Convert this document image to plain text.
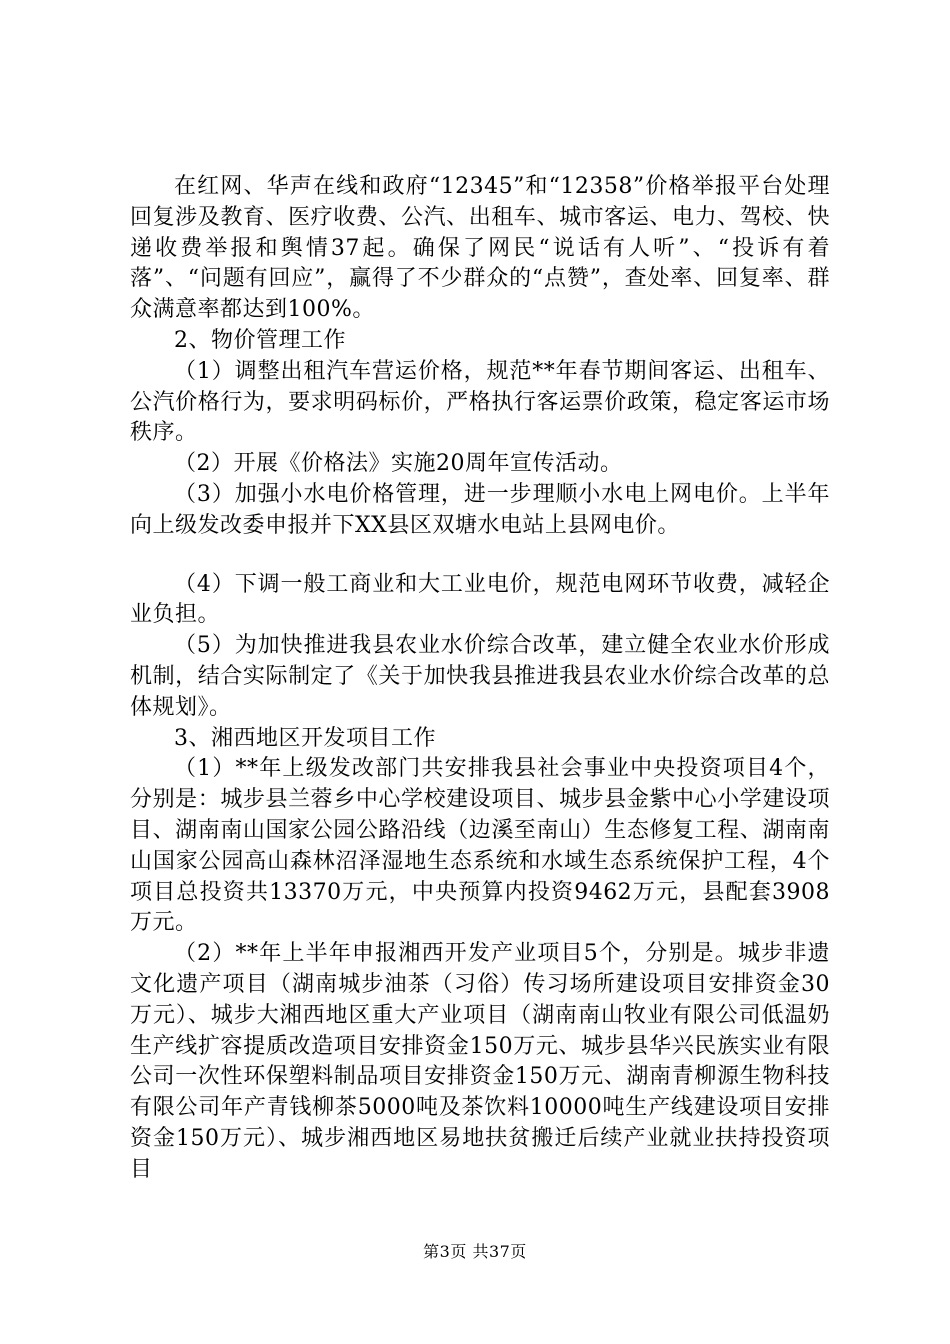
在红网、华声在线和政府“12345”和“12358”价格举报平台处理回复涉及教育、医疗收费、公汽、出租车、城市客运、电力、驾校、快递收费举报和舆情37起。确保了网民“说话有人听”、“投诉有着落”、“问题有回应”，赢得了不少群众的“点赞”，查处率、回复率、群众满意率都达到100%。

2、物价管理工作

（1）调整出租汽车营运价格，规范**年春节期间客运、出租车、公汽价格行为，要求明码标价，严格执行客运票价政策，稳定客运市场秩序。

（2）开展《价格法》实施20周年宣传活动。

（3）加强小水电价格管理，进一步理顺小水电上网电价。上半年向上级发改委申报并下XX县区双塘水电站上县网电价。

（4）下调一般工商业和大工业电价，规范电网环节收费，减轻企业负担。

（5）为加快推进我县农业水价综合改革，建立健全农业水价形成机制，结合实际制定了《关于加快我县推进我县农业水价综合改革的总体规划》。

3、湘西地区开发项目工作

（1）**年上级发改部门共安排我县社会事业中央投资项目4个，分别是：城步县兰蓉乡中心学校建设项目、城步县金紫中心小学建设项目、湖南南山国家公园公路沿线（边溪至南山）生态修复工程、湖南南山国家公园高山森林沼泽湿地生态系统和水域生态系统保护工程，4个项目总投资共13370万元，中央预算内投资9462万元，县配套3908万元。

（2）**年上半年申报湘西开发产业项目5个，分别是。城步非遗文化遗产项目（湖南城步油茶（习俗）传习场所建设项目安排资金30万元）、城步大湘西地区重大产业项目（湖南南山牧业有限公司低温奶生产线扩容提质改造项目安排资金150万元、城步县华兴民族实业有限公司一次性环保塑料制品项目安排资金150万元、湖南青柳源生物科技有限公司年产青钱柳茶5000吨及茶饮料10000吨生产线建设项目安排资金150万元）、城步湘西地区易地扶贫搬迁后续产业就业扶持投资项目

第3页 共37页
